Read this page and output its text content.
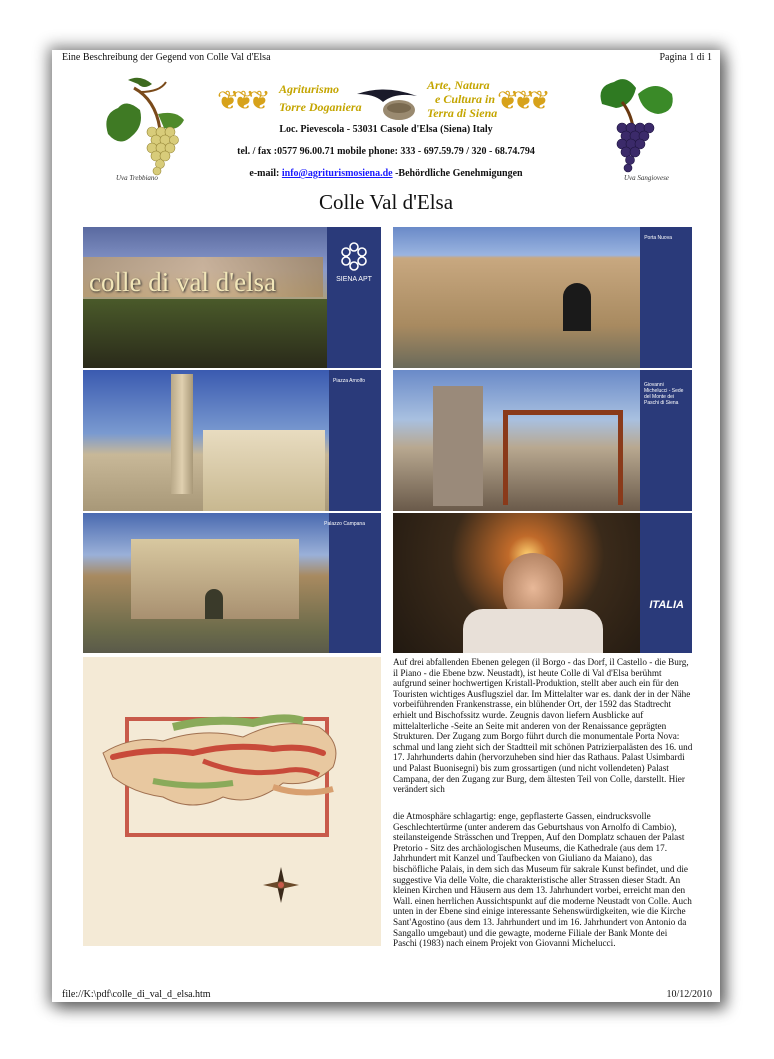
Eine Beschreibung der Gegend von Colle Val d'Elsa	Pagina 1 di 1
Uva Trebbiano	Uva Sangiovese
❦❦❦ Agriturismo
Torre Doganiera
Arte, Natura
e Cultura in
Terra di Siena ❦❦❦
Loc. Pievescola - 53031 Casole d'Elsa (Siena) Italy
tel. / fax :0577 96.00.71 mobile phone: 333 - 697.59.79 / 320 - 68.74.794
e-mail: info@agriturismosiena.de -Behördliche Genehmigungen
Colle Val d'Elsa
colle di val d'elsa	SIENA APT
Porta Nuova
Piazza Arnolfo
Giovanni Michelucci - Sede del Monte dei Paschi di Siena
Palazzo Campana
ITALIA
Auf drei abfallenden Ebenen gelegen (il Borgo - das Dorf, il Castello - die Burg, il Piano - die Ebene bzw. Neustadt), ist heute Colle di Val d'Elsa berühmt aufgrund seiner hochwertigen Kristall-Produktion, stellt aber auch ein für den Touristen wichtiges Ausflugsziel dar. Im Mittelalter war es. dank der in der Nähe vorbeiführenden Frankenstrasse, ein blühender Ort, der 1592 das Stadtrecht erhielt und Bischofssitz wurde. Zeugnis davon liefern Ausblicke auf mittelalterliche -Seite an Seite mit anderen von der Renaissance geprägten Strukturen. Der Zugang zum Borgo führt durch die monumentale Porta Nova: schmal und lang zieht sich der Stadtteil mit schönen Patrizierpalästen des 16. und 17. Jahrhunderts dahin (hervorzuheben sind hier das Rathaus. Palast Usimbardi und Palast Buonisegni) bis zum grossartigen (und nicht vollendeten) Palast Campana, der den Zugang zur Burg, dem ältesten Teil von Colle, darstellt. Hier verändert sich
die Atmosphäre schlagartig: enge, gepflasterte Gassen, eindrucksvolle Geschlechtertürme (unter anderem das Geburtshaus von Arnolfo di Cambio), steilansteigende Strässchen und Treppen, Auf den Domplatz schauen der Palast Pretorio - Sitz des archäologischen Museums, die Kathedrale (aus dem 17. Jahrhundert mit Kanzel und Taufbecken von Giuliano da Maiano), das bischöfliche Palais, in dem sich das Museum für sakrale Kunst befindet, und die suggestive Via delle Volte, die charakteristische aller Strassen dieser Stadt. An kleinen Kirchen und Häusern aus dem 13. Jahrhundert vorbei, erreicht man den Wall. einen herrlichen Aussichtspunkt auf die moderne Neustadt von Colle. Auch unten in der Ebene sind einige interessante Sehenswürdigkeiten, wie die Kirche Sant'Agostino (aus dem 13. Jahrhundert und im 16. Jahrhundert von Antonio da Sangallo umgebaut) und die gewagte, moderne Filiale der Bank Monte dei Paschi (1983) nach einem Projekt von Giovanni Michelucci.
file://K:\pdf\colle_di_val_d_elsa.htm	10/12/2010
